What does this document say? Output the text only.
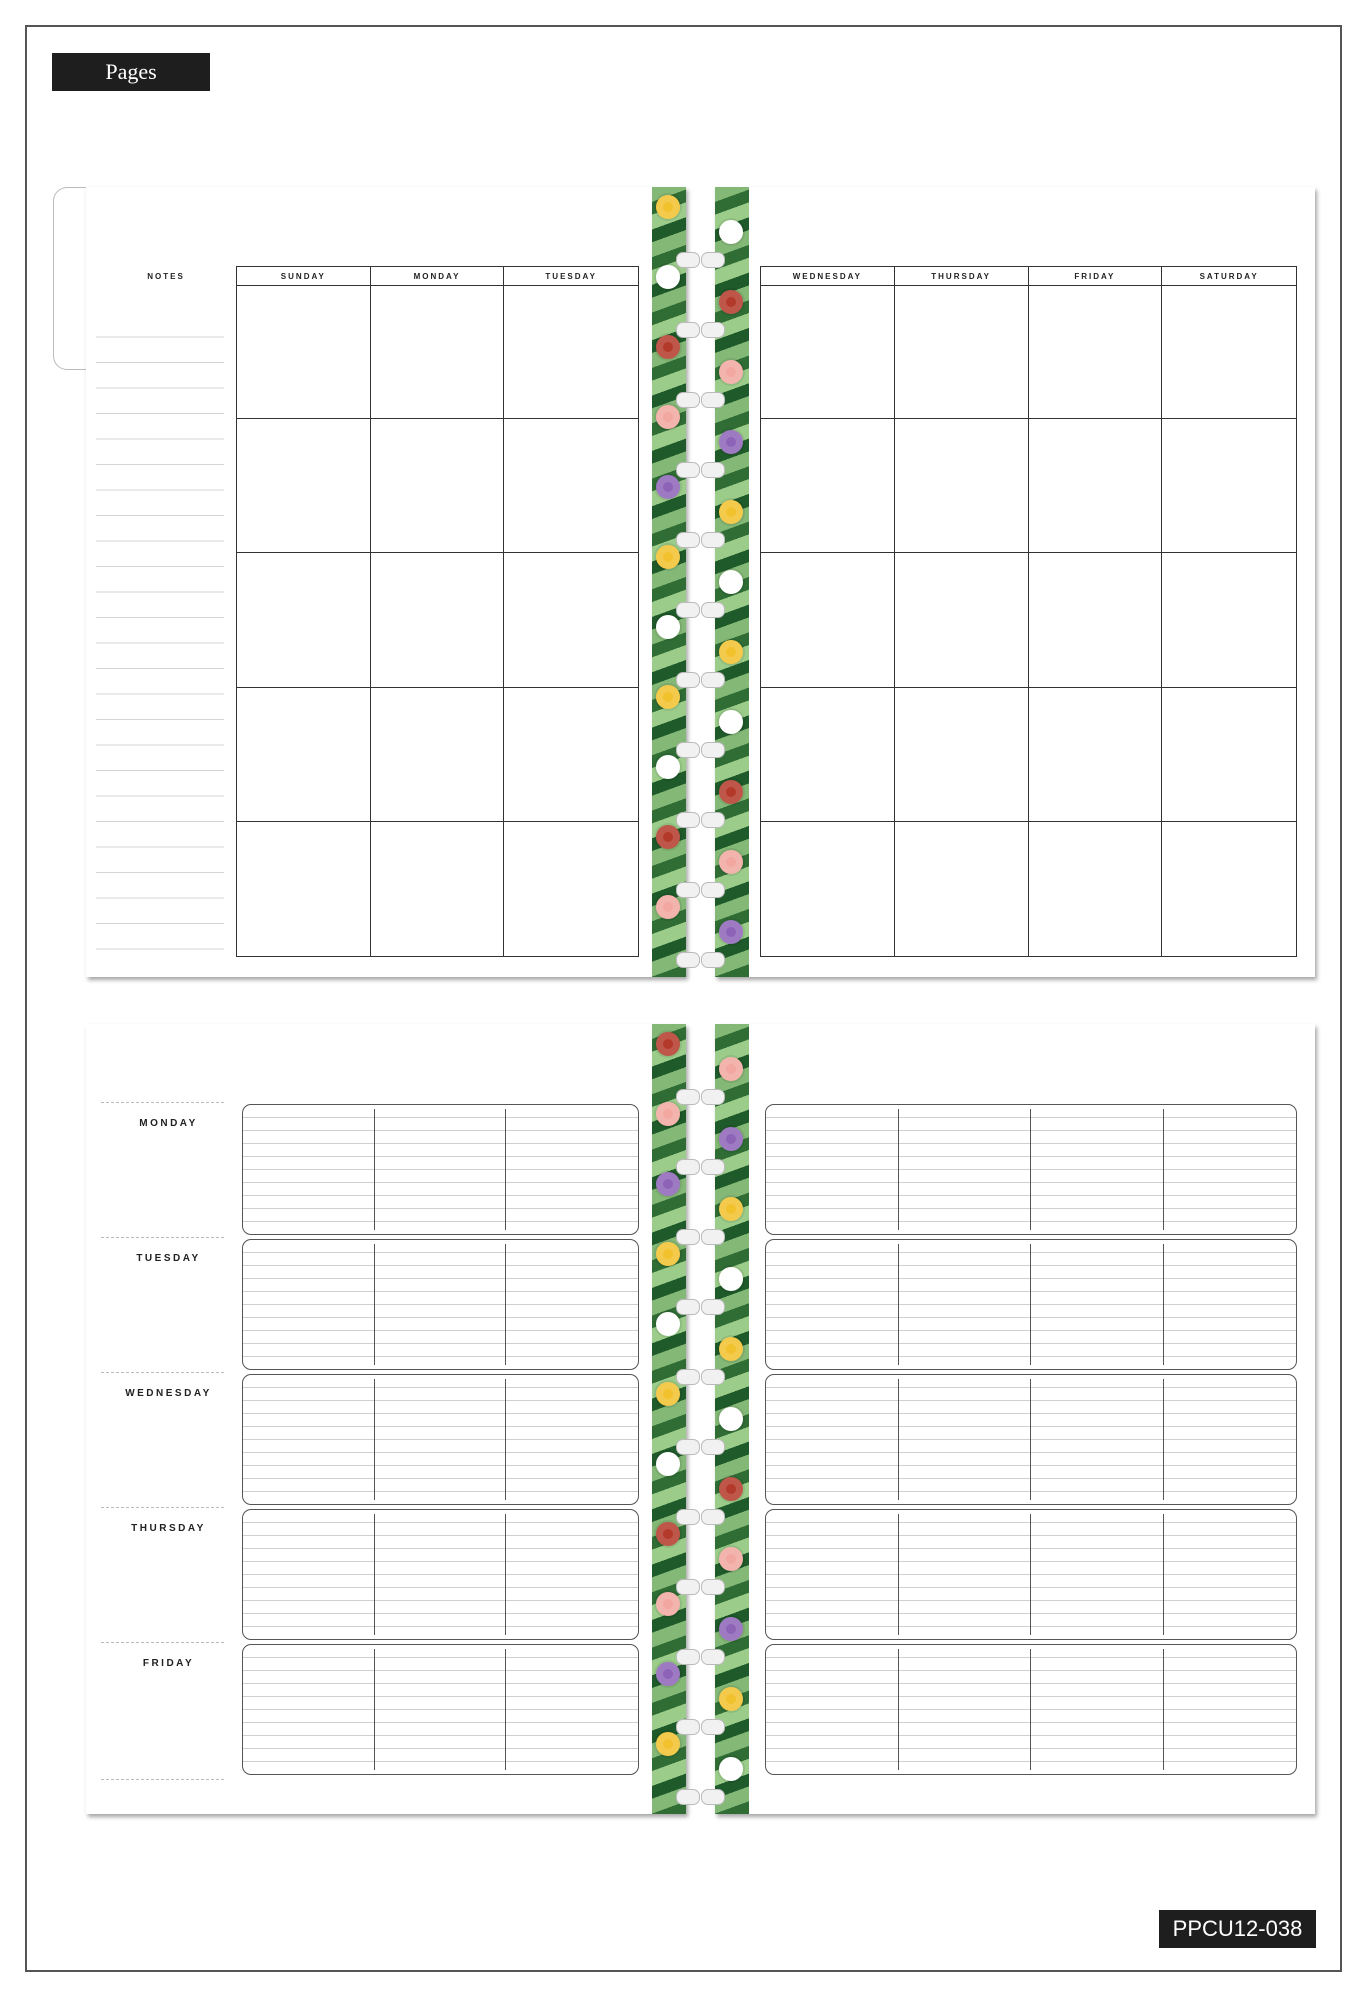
Pages
NOTES	SUNDAY	MONDAY	TUESDAY	WEDNESDAY	THURSDAY	FRIDAY	SATURDAY
MONDAY
TUESDAY
WEDNESDAY
THURSDAY
FRIDAY
PPCU12-038
